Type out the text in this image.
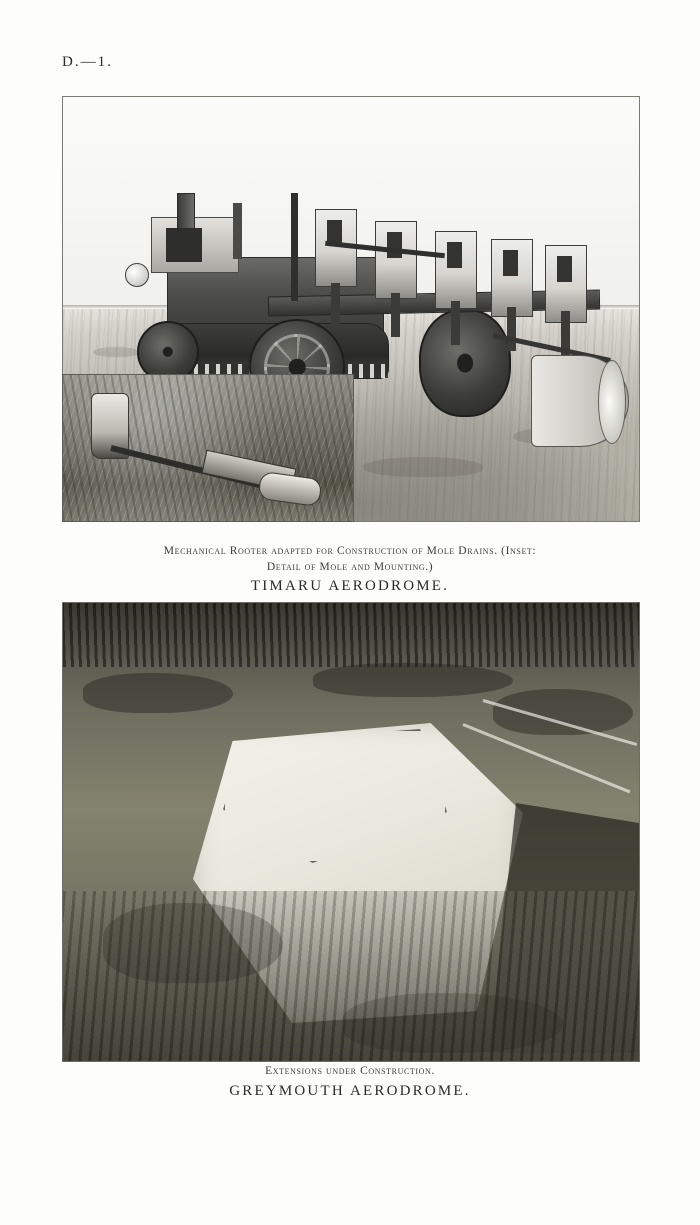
D.—1.
Mechanical Rooter adapted for Construction of Mole Drains. (Inset:
Detail of Mole and Mounting.)
TIMARU AERODROME.
Extensions under Construction.
GREYMOUTH AERODROME.
